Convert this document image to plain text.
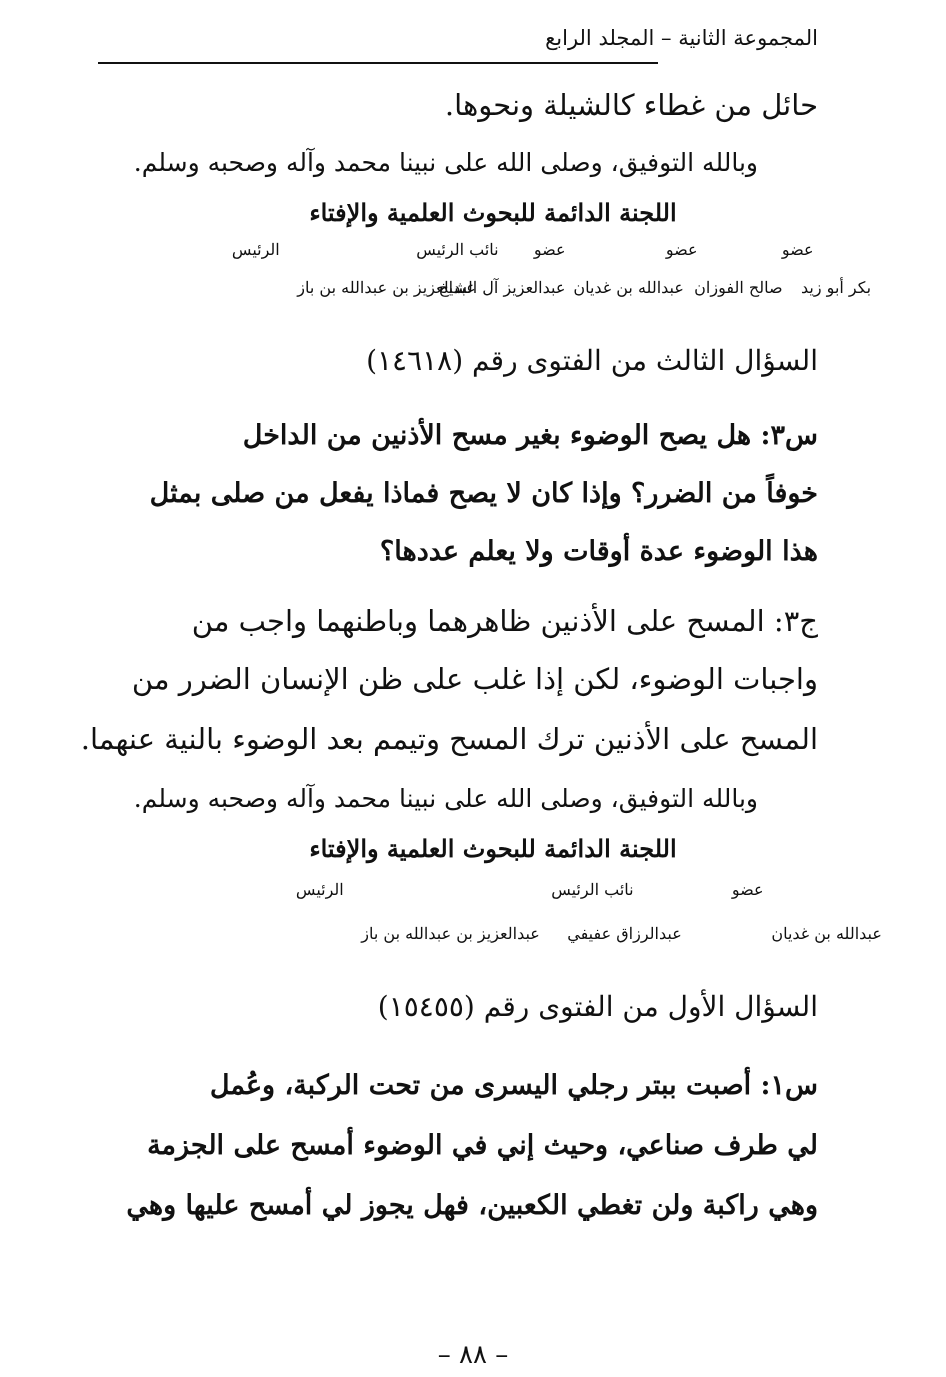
المجموعة الثانية – المجلد الرابع
حائل من غطاء كالشيلة ونحوها.
وبالله التوفيق، وصلى الله على نبينا محمد وآله وصحبه وسلم.
اللجنة الدائمة للبحوث العلمية والإفتاء
عضو
بكر أبو زيد
عضو
صالح الفوزان
عضو
عبدالله بن غديان
نائب الرئيس
عبدالعزيز آل الشيخ
الرئيس
عبدالعزيز بن عبدالله بن باز
السؤال الثالث من الفتوى رقم (١٤٦١٨)
س٣: هل يصح الوضوء بغير مسح الأذنين من الداخل
خوفاً من الضرر؟ وإذا كان لا يصح فماذا يفعل من صلى بمثل
هذا الوضوء عدة أوقات ولا يعلم عددها؟
ج٣: المسح على الأذنين ظاهرهما وباطنهما واجب من
واجبات الوضوء، لكن إذا غلب على ظن الإنسان الضرر من
المسح على الأذنين ترك المسح وتيمم بعد الوضوء بالنية عنهما.
وبالله التوفيق، وصلى الله على نبينا محمد وآله وصحبه وسلم.
اللجنة الدائمة للبحوث العلمية والإفتاء
عضو
عبدالله بن غديان
نائب الرئيس
عبدالرزاق عفيفي
الرئيس
عبدالعزيز بن عبدالله بن باز
السؤال الأول من الفتوى رقم (١٥٤٥٥)
س١: أصبت ببتر رجلي اليسرى من تحت الركبة، وعُمل
لي طرف صناعي، وحيث إني في الوضوء أمسح على الجزمة
وهي راكبة ولن تغطي الكعبين، فهل يجوز لي أمسح عليها وهي
– ٨٨ –
